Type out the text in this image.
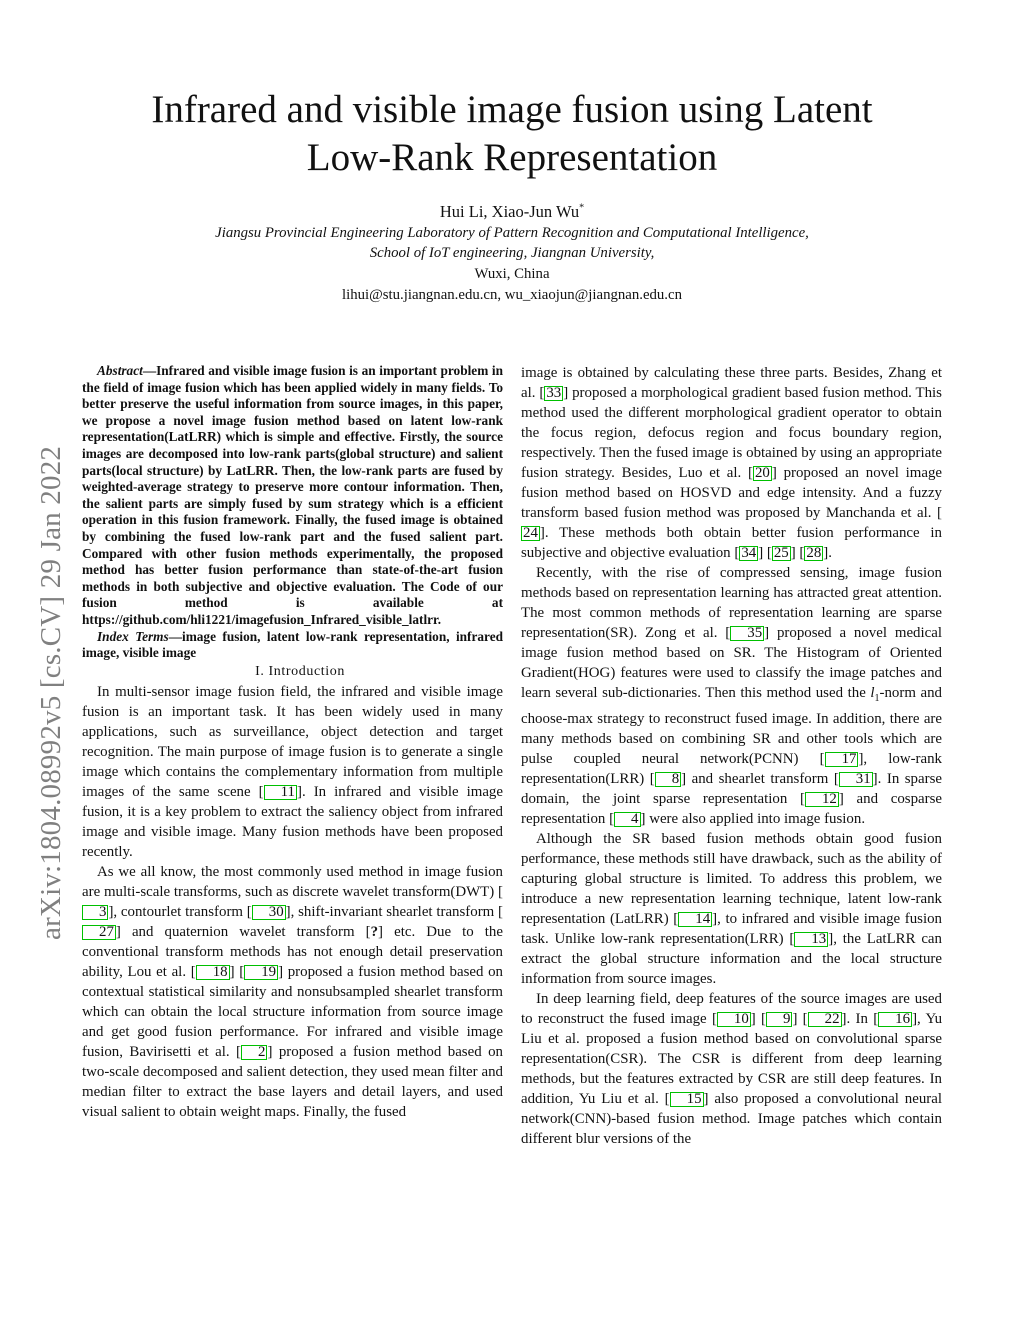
Infrared and visible image fusion using Latent
Low-Rank Representation
Hui Li, Xiao-Jun Wu*
Jiangsu Provincial Engineering Laboratory of Pattern Recognition and Computational Intelligence,
School of IoT engineering, Jiangnan University,
Wuxi, China
lihui@stu.jiangnan.edu.cn, wu_xiaojun@jiangnan.edu.cn
arXiv:1804.08992v5 [cs.CV] 29 Jan 2022

Abstract—Infrared and visible image fusion is an important problem in the field of image fusion which has been applied widely in many fields. To better preserve the useful information from source images, in this paper, we propose a novel image fusion method based on latent low-rank representation(LatLRR) which is simple and effective. Firstly, the source images are decomposed into low-rank parts(global structure) and salient parts(local structure) by LatLRR. Then, the low-rank parts are fused by weighted-average strategy to preserve more contour information. Then, the salient parts are simply fused by sum strategy which is a efficient operation in this fusion framework. Finally, the fused image is obtained by combining the fused low-rank part and the fused salient part. Compared with other fusion methods experimentally, the proposed method has better fusion performance than state-of-the-art fusion methods in both subjective and objective evaluation. The Code of our fusion method is available at https://github.com/hli1221/imagefusion_Infrared_visible_latlrr.

Index Terms—image fusion, latent low-rank representation, infrared image, visible image

I. Introduction

In multi-sensor image fusion field, the infrared and visible image fusion is an important task. It has been widely used in many applications, such as surveillance, object detection and target recognition. The main purpose of image fusion is to generate a single image which contains the complementary information from multiple images of the same scene [ 11 ]. In infrared and visible image fusion, it is a key problem to extract the saliency object from infrared image and visible image. Many fusion methods have been proposed recently.

As we all know, the most commonly used method in image fusion are multi-scale transforms, such as discrete wavelet transform(DWT) [3 ], contourlet transform [ 30 ], shift-invariant shearlet transform [27 ] and quaternion wavelet transform [?] etc. Due to the conventional transform methods has not enough detail preservation ability, Lou et al. [ 18 ] [ 19 ] proposed a fusion method based on contextual statistical similarity and nonsubsampled shearlet transform which can obtain the local structure information from source image and get good fusion performance. For infrared and visible image fusion, Bavirisetti et al. [ 2 ] proposed a fusion method based on two-scale decomposed and salient detection, they used mean filter and median filter to extract the base layers and detail layers, and used visual salient to obtain weight maps. Finally, the fused

image is obtained by calculating these three parts. Besides, Zhang et al. [ 33 ] proposed a morphological gradient based fusion method. This method used the different morphological gradient operator to obtain the focus region, defocus region and focus boundary region, respectively. Then the fused image is obtained by using an appropriate fusion strategy. Besides, Luo et al. [ 20 ] proposed an novel image fusion method based on HOSVD and edge intensity. And a fuzzy transform based fusion method was proposed by Manchanda et al. [24 ]. These methods both obtain better fusion performance in subjective and objective evaluation [ 34 ] [ 25 ] [ 28 ].

Recently, with the rise of compressed sensing, image fusion methods based on representation learning has attracted great attention. The most common methods of representation learning are sparse representation(SR). Zong et al. [ 35 ] proposed a novel medical image fusion method based on SR. The Histogram of Oriented Gradient(HOG) features were used to classify the image patches and learn several sub-dictionaries. Then this method used the $l_1$-norm and choose-max strategy to reconstruct fused image. In addition, there are many methods based on combining SR and other tools which are pulse coupled neural network(PCNN) [ 17 ], low-rank representation(LRR) [ 8 ] and shearlet transform [ 31 ]. In sparse domain, the joint sparse representation [ 12 ] and cosparse representation [ 4 ] were also applied into image fusion.

Although the SR based fusion methods obtain good fusion performance, these methods still have drawback, such as the ability of capturing global structure is limited. To address this problem, we introduce a new representation learning technique, latent low-rank representation (LatLRR) [ 14 ], to infrared and visible image fusion task. Unlike low-rank representation(LRR) [ 13 ], the LatLRR can extract the global structure information and the local structure information from source images.

In deep learning field, deep features of the source images are used to reconstruct the fused image [ 10 ] [ 9 ] [ 22 ]. In [ 16 ], Yu Liu et al. proposed a fusion method based on convolutional sparse representation(CSR). The CSR is different from deep learning methods, but the features extracted by CSR are still deep features. In addition, Yu Liu et al. [ 15 ] also proposed a convolutional neural network(CNN)-based fusion method. Image patches which contain different blur versions of the
